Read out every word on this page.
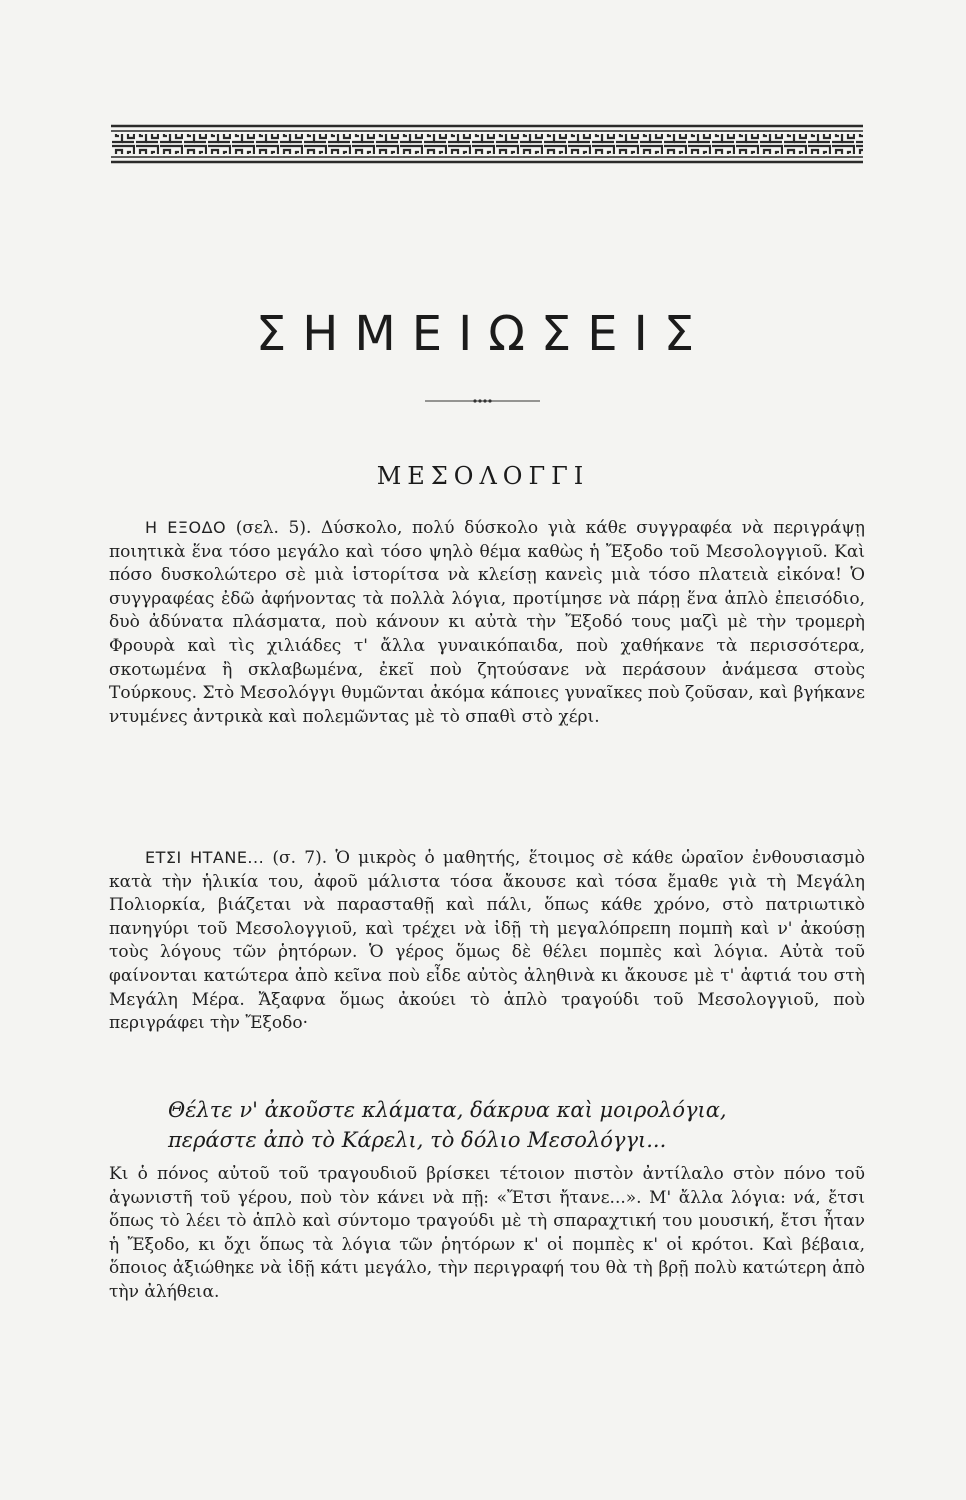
ΣΗΜΕΙΩΣΕΙΣ
ΜΕΣΟΛΟΓΓΙ
Η ΕΞΟΔΟ (σελ. 5). Δύσκολο, πολύ δύσκολο γιὰ κάθε συγγραφέα νὰ περιγράψῃ ποιητικὰ ἕνα τόσο μεγάλο καὶ τόσο ψηλὸ θέμα καθὼς ἡ Ἔξοδο τοῦ Μεσολογγιοῦ. Καὶ πόσο δυσκολώτερο σὲ μιὰ ἱστορίτσα νὰ κλείσῃ κανεὶς μιὰ τόσο πλατειὰ εἰκόνα! Ὁ συγγραφέας ἐδῶ ἀφήνοντας τὰ πολλὰ λόγια, προτίμησε νὰ πάρῃ ἕνα ἁπλὸ ἐπεισόδιο, δυὸ ἀδύνατα πλάσματα, ποὺ κάνουν κι αὐτὰ τὴν Ἔξοδό τους μαζὶ μὲ τὴν τρομερὴ Φρουρὰ καὶ τὶς χιλιάδες τ' ἄλλα γυναικόπαιδα, ποὺ χαθήκανε τὰ περισσότερα, σκοτωμένα ἢ σκλαβωμένα, ἐκεῖ ποὺ ζητούσανε νὰ περάσουν ἀνάμεσα στοὺς Τούρκους. Στὸ Μεσολόγγι θυμῶνται ἀκόμα κάποιες γυναῖκες ποὺ ζοῦσαν, καὶ βγήκανε ντυμένες ἀντρικὰ καὶ πολεμῶντας μὲ τὸ σπαθὶ στὸ χέρι.
ΕΤΣΙ ΗΤΑΝΕ... (σ. 7). Ὁ μικρὸς ὁ μαθητής, ἕτοιμος σὲ κάθε ὡραῖον ἐνθουσιασμὸ κατὰ τὴν ἡλικία του, ἀφοῦ μάλιστα τόσα ἄκουσε καὶ τόσα ἔμαθε γιὰ τὴ Μεγάλη Πολιορκία, βιάζεται νὰ παρασταθῇ καὶ πάλι, ὅπως κάθε χρόνο, στὸ πατριωτικὸ πανηγύρι τοῦ Μεσολογγιοῦ, καὶ τρέχει νὰ ἰδῇ τὴ μεγαλόπρεπη πομπὴ καὶ ν' ἀκούσῃ τοὺς λόγους τῶν ῥητόρων. Ὁ γέρος ὅμως δὲ θέλει πομπὲς καὶ λόγια. Αὐτὰ τοῦ φαίνονται κατώτερα ἀπὸ κεῖνα ποὺ εἶδε αὐτὸς ἀληθινὰ κι ἄκουσε μὲ τ' ἀφτιά του στὴ Μεγάλη Μέρα. Ἄξαφνα ὅμως ἀκούει τὸ ἁπλὸ τραγούδι τοῦ Μεσολογγιοῦ, ποὺ περιγράφει τὴν Ἔξοδο·
Θέλτε ν' ἀκοῦστε κλάματα, δάκρυα καὶ μοιρολόγια,
περάστε ἀπὸ τὸ Κάρελι, τὸ δόλιο Μεσολόγγι...
Κι ὁ πόνος αὐτοῦ τοῦ τραγουδιοῦ βρίσκει τέτοιον πιστὸν ἀντίλαλο στὸν πόνο τοῦ ἀγωνιστῆ τοῦ γέρου, ποὺ τὸν κάνει νὰ πῇ: «Ἔτσι ἤτανε...». Μ' ἄλλα λόγια: νά, ἔτσι ὅπως τὸ λέει τὸ ἁπλὸ καὶ σύντομο τραγούδι μὲ τὴ σπαραχτική του μουσική, ἔτσι ἦταν ἡ Ἔξοδο, κι ὄχι ὅπως τὰ λόγια τῶν ῥητόρων κ' οἱ πομπὲς κ' οἱ κρότοι. Καὶ βέβαια, ὅποιος ἀξιώθηκε νὰ ἰδῇ κάτι μεγάλο, τὴν περιγραφή του θὰ τὴ βρῇ πολὺ κατώτερη ἀπὸ τὴν ἀλήθεια.
